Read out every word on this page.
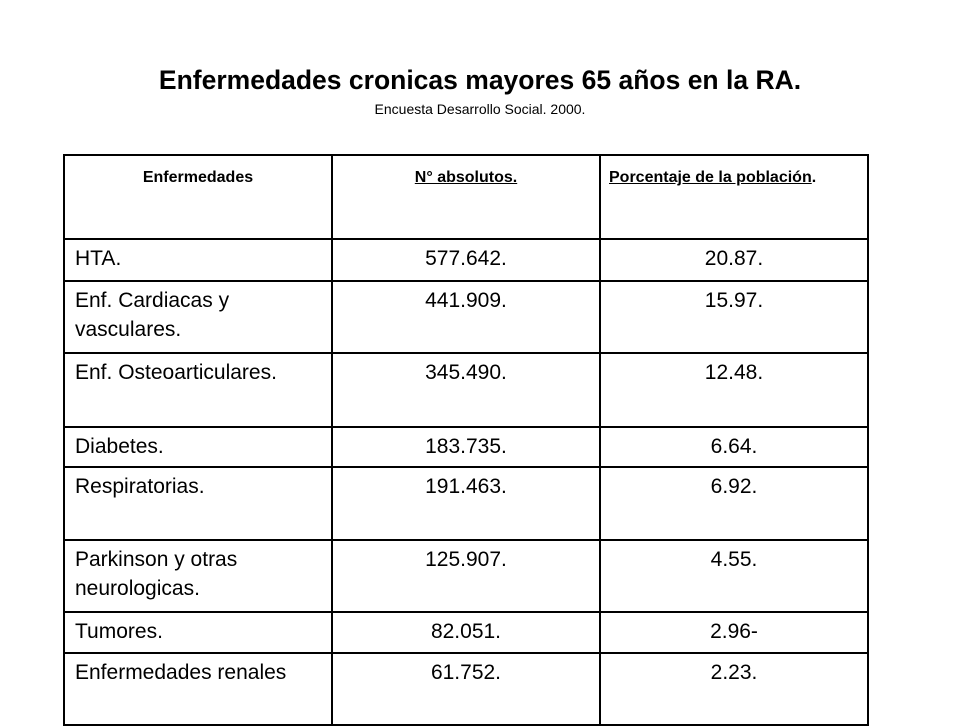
Enfermedades cronicas mayores 65 años en la RA.
Encuesta Desarrollo Social. 2000.
Enfermedades	N° absolutos.	Porcentaje de la población.
HTA.	577.642.	20.87.
Enf. Cardiacas y vasculares.	441.909.	15.97.
Enf. Osteoarticulares.	345.490.	12.48.
Diabetes.	183.735.	6.64.
Respiratorias.	191.463.	6.92.
Parkinson y otras neurologicas.	125.907.	4.55.
Tumores.	82.051.	2.96-
Enfermedades renales	61.752.	2.23.
